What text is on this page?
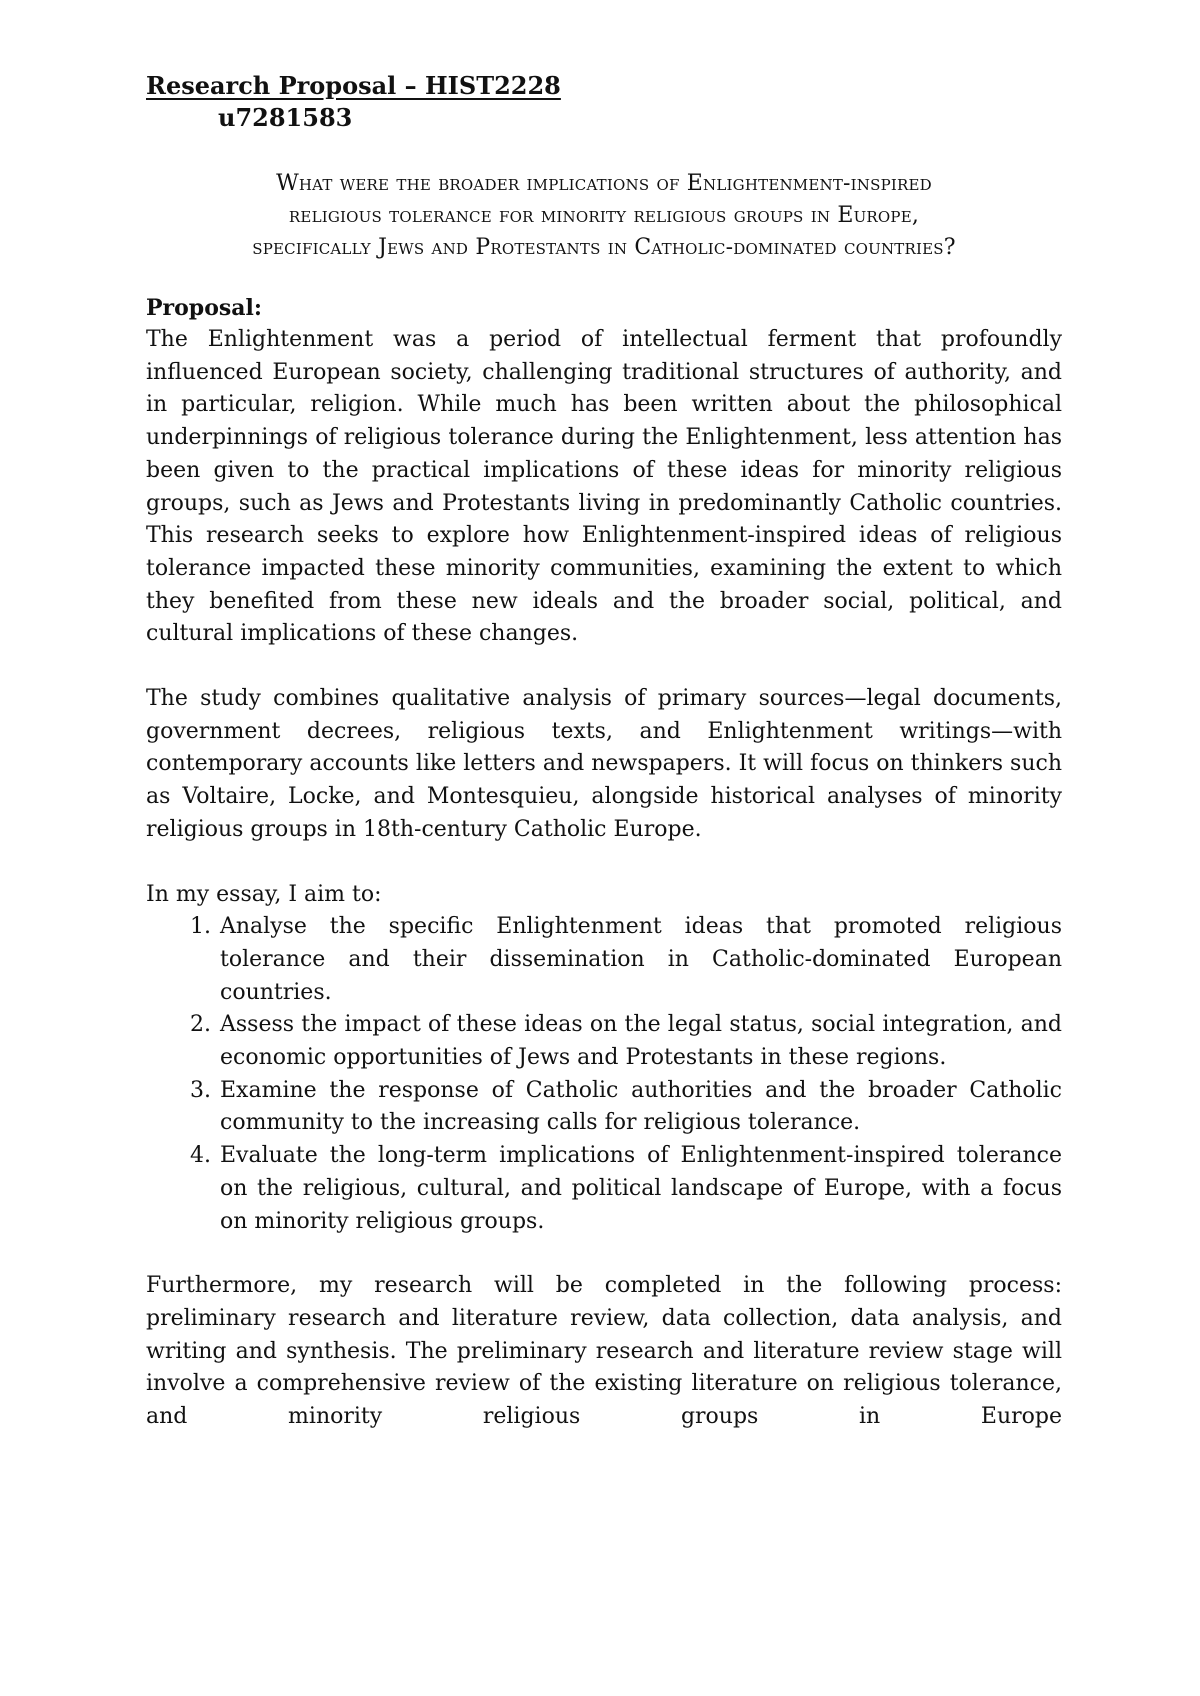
Research Proposal – HIST2228

u7281583

What were the broader implications of Enlightenment-inspired

religious tolerance for minority religious groups in Europe,

specifically Jews and Protestants in Catholic-dominated countries?

Proposal:

The Enlightenment was a period of intellectual ferment that profoundly influenced European society, challenging traditional structures of authority, and in particular, religion. While much has been written about the philosophical underpinnings of religious tolerance during the Enlightenment, less attention has been given to the practical implications of these ideas for minority religious groups, such as Jews and Protestants living in predominantly Catholic countries. This research seeks to explore how Enlightenment-inspired ideas of religious tolerance impacted these minority communities, examining the extent to which they benefited from these new ideals and the broader social, political, and cultural implications of these changes.

The study combines qualitative analysis of primary sources—legal documents, government decrees, religious texts, and Enlightenment writings—with contemporary accounts like letters and newspapers. It will focus on thinkers such as Voltaire, Locke, and Montesquieu, alongside historical analyses of minority religious groups in 18th-century Catholic Europe.

In my essay, I aim to:

1. Analyse the specific Enlightenment ideas that promoted religious tolerance and their dissemination in Catholic-dominated European countries.
2. Assess the impact of these ideas on the legal status, social integration, and economic opportunities of Jews and Protestants in these regions.
3. Examine the response of Catholic authorities and the broader Catholic community to the increasing calls for religious tolerance.
4. Evaluate the long-term implications of Enlightenment-inspired tolerance on the religious, cultural, and political landscape of Europe, with a focus on minority religious groups.

Furthermore, my research will be completed in the following process: preliminary research and literature review, data collection, data analysis, and writing and synthesis. The preliminary research and literature review stage will involve a comprehensive review of the existing literature on religious tolerance, and minority religious groups in Europe
